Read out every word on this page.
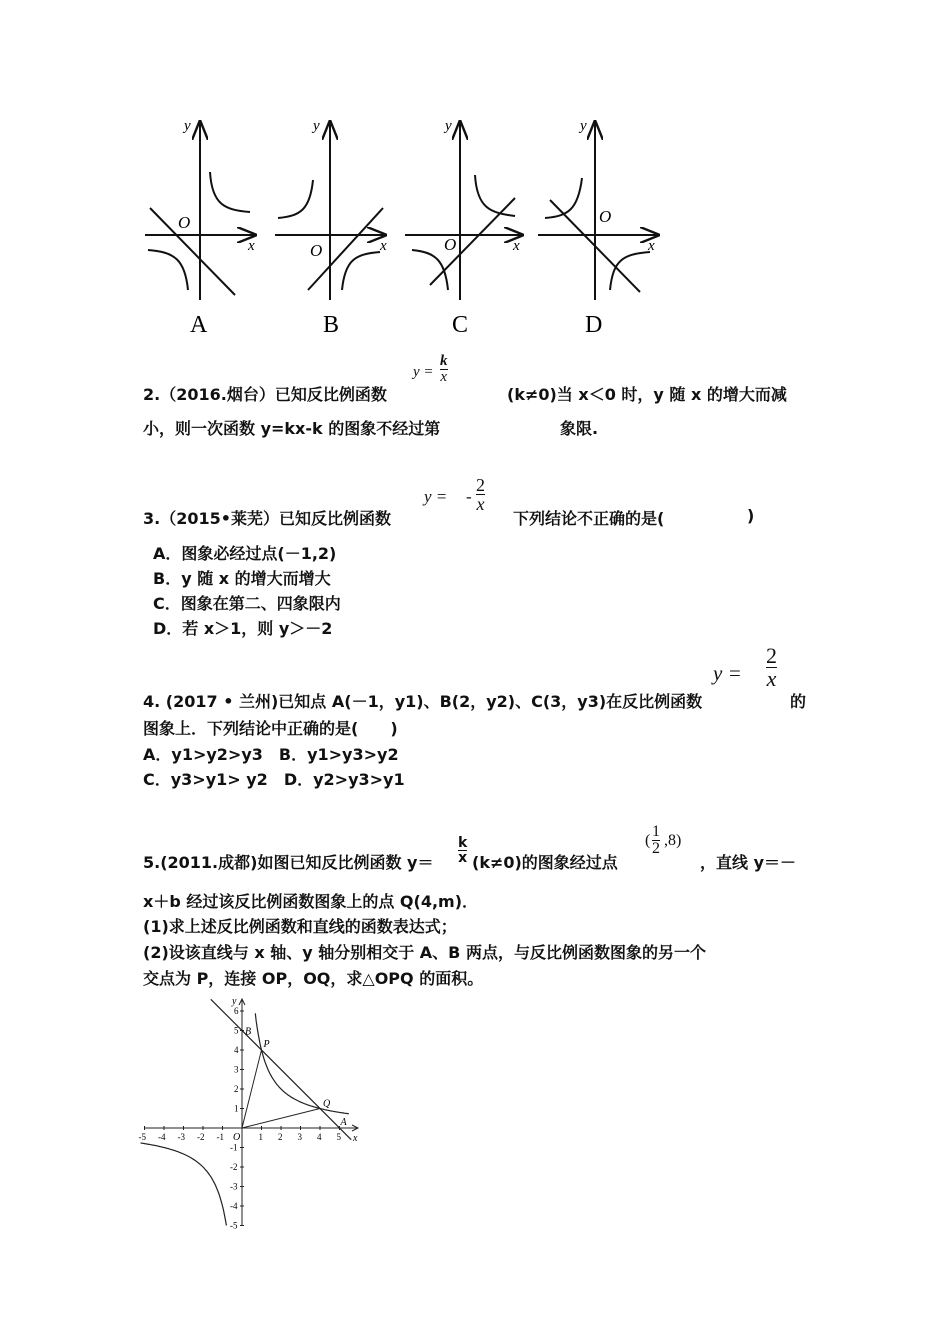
y
O
x
A
y
O	x
B
y
O	x
C
y
O
x
D
2.（2016.烟台）已知反比例函数
y =
k
x
(k≠0)当 x＜0 时，y 随 x 的增大而减
小，则一次函数 y=kx-k 的图象不经过第	象限.
3.（2015•莱芜）已知反比例函数
y = -
2
x
下列结论不正确的是(	)
A．图象必经过点(－1,2)
B．y 随 x 的增大而增大
C．图象在第二、四象限内
D．若 x＞1，则 y＞－2
y =
2
x
4. (2017 • 兰州)已知点 A(－1，y1)、B(2，y2)、C(3，y3)在反比例函数	的
图象上．下列结论中正确的是(　　)
A．y1>y2>y3　B．y1>y3>y2
C．y3>y1> y2　D．y2>y3>y1
5.(2011.成都)如图已知反比例函数 y＝
k
x (k≠0)的图象经过点
(
1
2 ,8)
，直线 y＝－
x＋b 经过该反比例函数图象上的点 Q(4,m)．
(1)求上述反比例函数和直线的函数表达式；
(2)设该直线与 x 轴、y 轴分别相交于 A、B 两点，与反比例函数图象的另一个
交点为 P，连接 OP，OQ，求△OPQ 的面积。
x
y
O
-5 -4 -3 -2 -1	1 2 3 4 5
6
5
4
3
2
1
-1
-2
-3
-4
-5
B
P
Q
A
